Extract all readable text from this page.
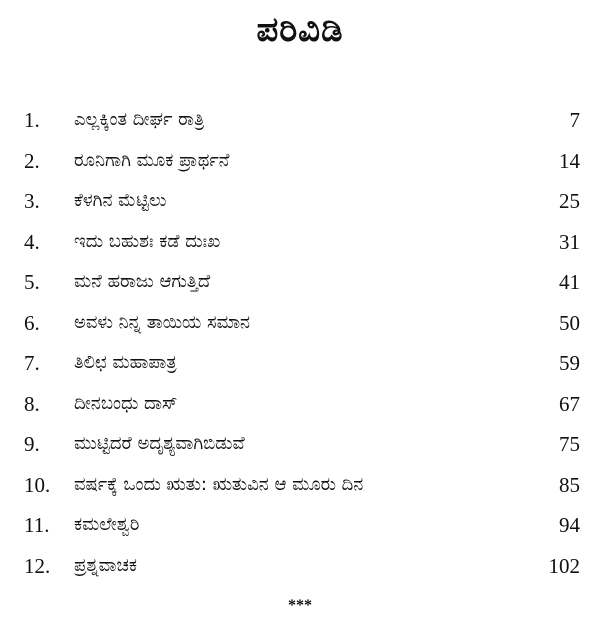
ಪರಿವಿಡಿ
1. ಎಲ್ಲಕ್ಕಿಂತ ದೀರ್ಘ ರಾತ್ರಿ	7
2. ರೂನಿಗಾಗಿ ಮೂಕ ಪ್ರಾರ್ಥನೆ	14
3. ಕೆಳಗಿನ ಮೆಟ್ಟಿಲು	25
4. ಇದು ಬಹುಶಃ ಕಡೆ ದುಃಖ	31
5. ಮನೆ ಹರಾಜು ಆಗುತ್ತಿದೆ	41
6. ಅವಳು ನಿನ್ನ ತಾಯಿಯ ಸಮಾನ	50
7. ತಿಲಿಛ ಮಹಾಪಾತ್ರ	59
8. ದೀನಬಂಧು ದಾಸ್	67
9. ಮುಟ್ಟಿದರೆ ಅದೃಶ್ಯವಾಗಿಬಿಡುವೆ	75
10. ವರ್ಷಕ್ಕೆ ಒಂದು ಋತು: ಋತುವಿನ ಆ ಮೂರು ದಿನ	85
11. ಕಮಲೇಶ್ವರಿ	94
12. ಪ್ರಶ್ನವಾಚಕ	102
***
